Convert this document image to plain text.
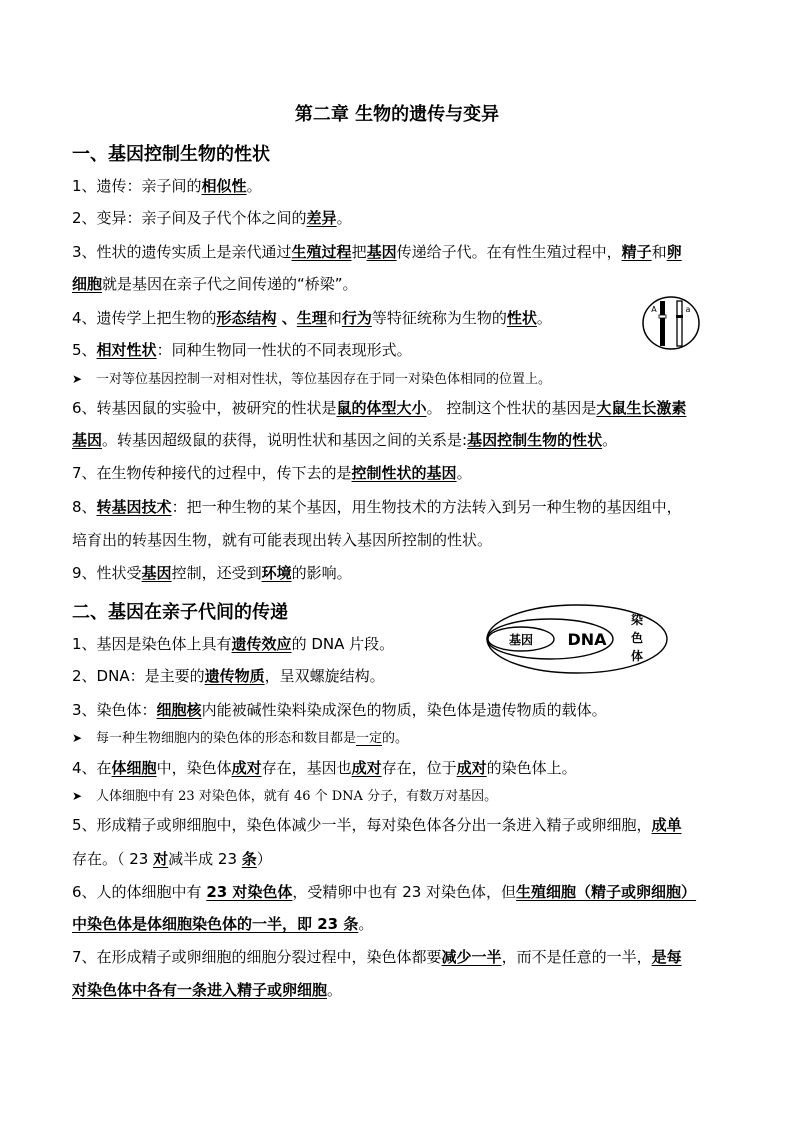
第二章 生物的遗传与变异
一、基因控制生物的性状

1、遗传：亲子间的相似性。

2、变异：亲子间及子代个体之间的差异。

3、性状的遗传实质上是亲代通过生殖过程把基因传递给子代。在有性生殖过程中，精子和卵

细胞就是基因在亲子代之间传递的“桥梁”。

4、遗传学上把生物的形态结构 、生理和行为等特征统称为生物的性状。

5、相对性状：同种生物同一性状的不同表现形式。

➤ 一对等位基因控制一对相对性状，等位基因存在于同一对染色体相同的位置上。

6、转基因鼠的实验中，被研究的性状是鼠的体型大小。 控制这个性状的基因是大鼠生长激素

基因。转基因超级鼠的获得，说明性状和基因之间的关系是:基因控制生物的性状。

7、在生物传种接代的过程中，传下去的是控制性状的基因。

8、转基因技术：把一种生物的某个基因，用生物技术的方法转入到另一种生物的基因组中，

培育出的转基因生物，就有可能表现出转入基因所控制的性状。

9、性状受基因控制，还受到环境的影响。

A	a
二、基因在亲子代间的传递

1、基因是染色体上具有遗传效应的 DNA 片段。

2、DNA：是主要的遗传物质，呈双螺旋结构。

3、染色体：细胞核内能被碱性染料染成深色的物质，染色体是遗传物质的载体。

➤ 每一种生物细胞内的染色体的形态和数目都是一定的。

4、在体细胞中，染色体成对存在，基因也成对存在，位于成对的染色体上。

➤ 人体细胞中有 23 对染色体，就有 46 个 DNA 分子，有数万对基因。

5、形成精子或卵细胞中，染色体减少一半，每对染色体各分出一条进入精子或卵细胞，成单

存在。（ 23 对减半成 23 条）

6、人的体细胞中有 23 对染色体，受精卵中也有 23 对染色体，但生殖细胞（精子或卵细胞）

中染色体是体细胞染色体的一半，即 23 条。

7、在形成精子或卵细胞的细胞分裂过程中，染色体都要减少一半，而不是任意的一半，是每

对染色体中各有一条进入精子或卵细胞。

基因 DNA
染
色
体
